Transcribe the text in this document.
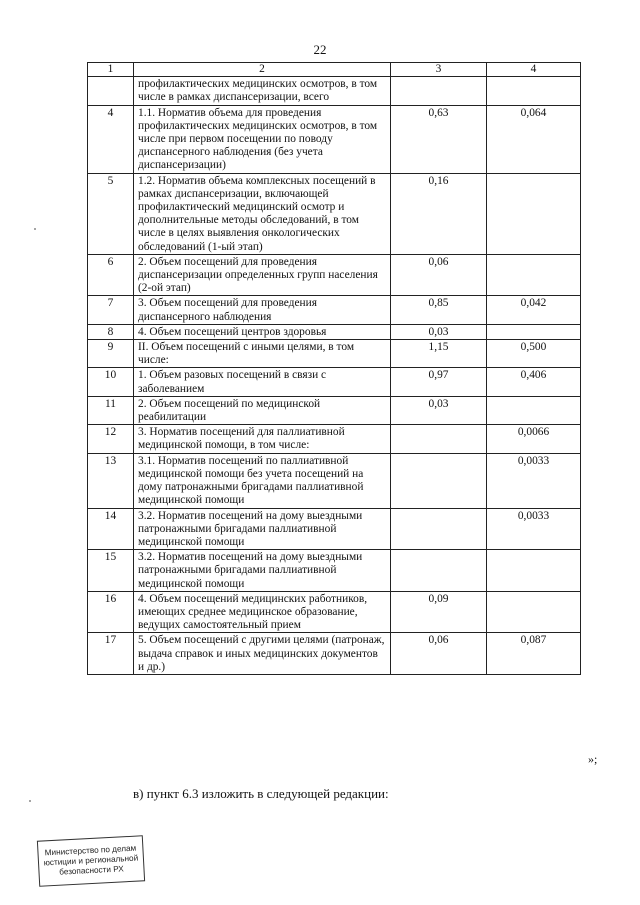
22
1	2	3	4
	профилактических медицинских осмотров, в том числе в рамках диспансеризации, всего		
4	1.1. Норматив объема для проведения профилактических медицинских осмотров, в том числе при первом посещении по поводу диспансерного наблюдения (без учета диспансеризации)	0,63	0,064
5	1.2. Норматив объема комплексных посещений в рамках диспансеризации, включающей профилактический медицинский осмотр и дополнительные методы обследований, в том числе в целях выявления онкологических обследований (1-ый этап)	0,16	
6	2. Объем посещений для проведения диспансеризации определенных групп населения (2-ой этап)	0,06	
7	3. Объем посещений для проведения диспансерного наблюдения	0,85	0,042
8	4. Объем посещений центров здоровья	0,03	
9	II. Объем посещений с иными целями, в том числе:	1,15	0,500
10	1. Объем разовых посещений в связи с заболеванием	0,97	0,406
11	2. Объем посещений по медицинской реабилитации	0,03	
12	3. Норматив посещений для паллиативной медицинской помощи, в том числе:		0,0066
13	3.1. Норматив посещений по паллиативной медицинской помощи без учета посещений на дому патронажными бригадами паллиативной медицинской помощи		0,0033
14	3.2. Норматив посещений на дому выездными патронажными бригадами паллиативной медицинской помощи		0,0033
15	3.2. Норматив посещений на дому выездными патронажными бригадами паллиативной медицинской помощи		
16	4. Объем посещений медицинских работников, имеющих среднее медицинское образование, ведущих самостоятельный прием	0,09	
17	5. Объем посещений с другими целями (патронаж, выдача справок и иных медицинских документов и др.)	0,06	0,087
»;
в) пункт 6.3 изложить в следующей редакции:
Министерство по делам
юстиции и региональной
безопасности РХ
